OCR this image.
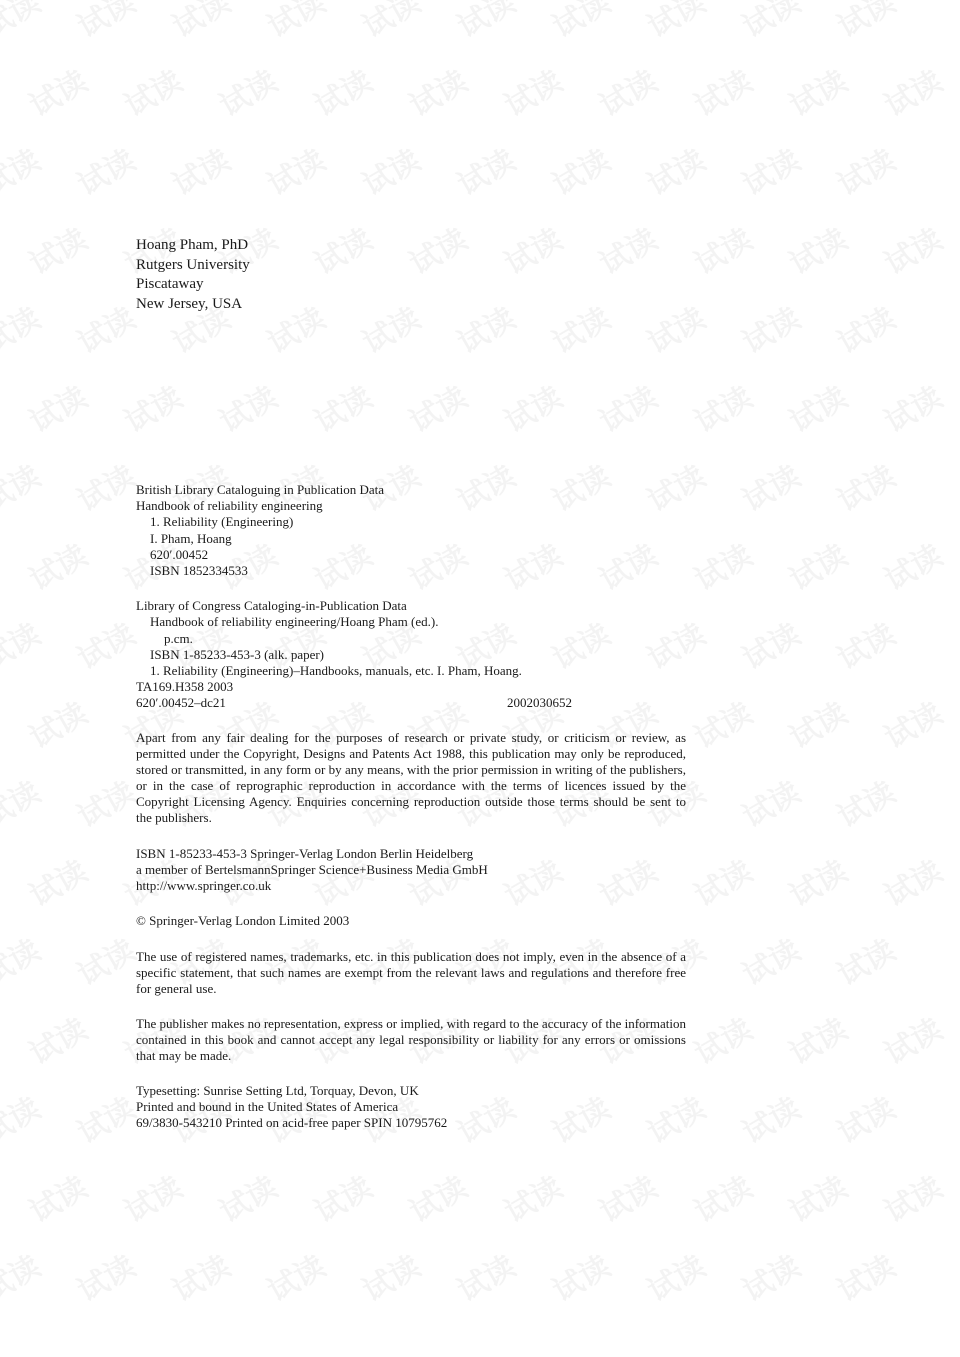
Hoang Pham, PhD
Rutgers University
Piscataway
New Jersey, USA
British Library Cataloguing in Publication Data
Handbook of reliability engineering
1. Reliability (Engineering)
I. Pham, Hoang
620′.00452
ISBN 1852334533
Library of Congress Cataloging-in-Publication Data
Handbook of reliability engineering/Hoang Pham (ed.).
p.cm.
ISBN 1-85233-453-3 (alk. paper)
1. Reliability (Engineering)–Handbooks, manuals, etc. I. Pham, Hoang.
TA169.H358 2003
620′.00452–dc21	2002030652
Apart from any fair dealing for the purposes of research or private study, or criticism or review, as permitted under the Copyright, Designs and Patents Act 1988, this publication may only be reproduced, stored or transmitted, in any form or by any means, with the prior permission in writing of the publishers, or in the case of reprographic reproduction in accordance with the terms of licences issued by the Copyright Licensing Agency. Enquiries concerning reproduction outside those terms should be sent to the publishers.
ISBN 1-85233-453-3 Springer-Verlag London Berlin Heidelberg
a member of BertelsmannSpringer Science+Business Media GmbH
http://www.springer.co.uk
© Springer-Verlag London Limited 2003
The use of registered names, trademarks, etc. in this publication does not imply, even in the absence of a specific statement, that such names are exempt from the relevant laws and regulations and therefore free for general use.
The publisher makes no representation, express or implied, with regard to the accuracy of the information contained in this book and cannot accept any legal responsibility or liability for any errors or omissions that may be made.
Typesetting: Sunrise Setting Ltd, Torquay, Devon, UK
Printed and bound in the United States of America
69/3830-543210 Printed on acid-free paper SPIN 10795762
